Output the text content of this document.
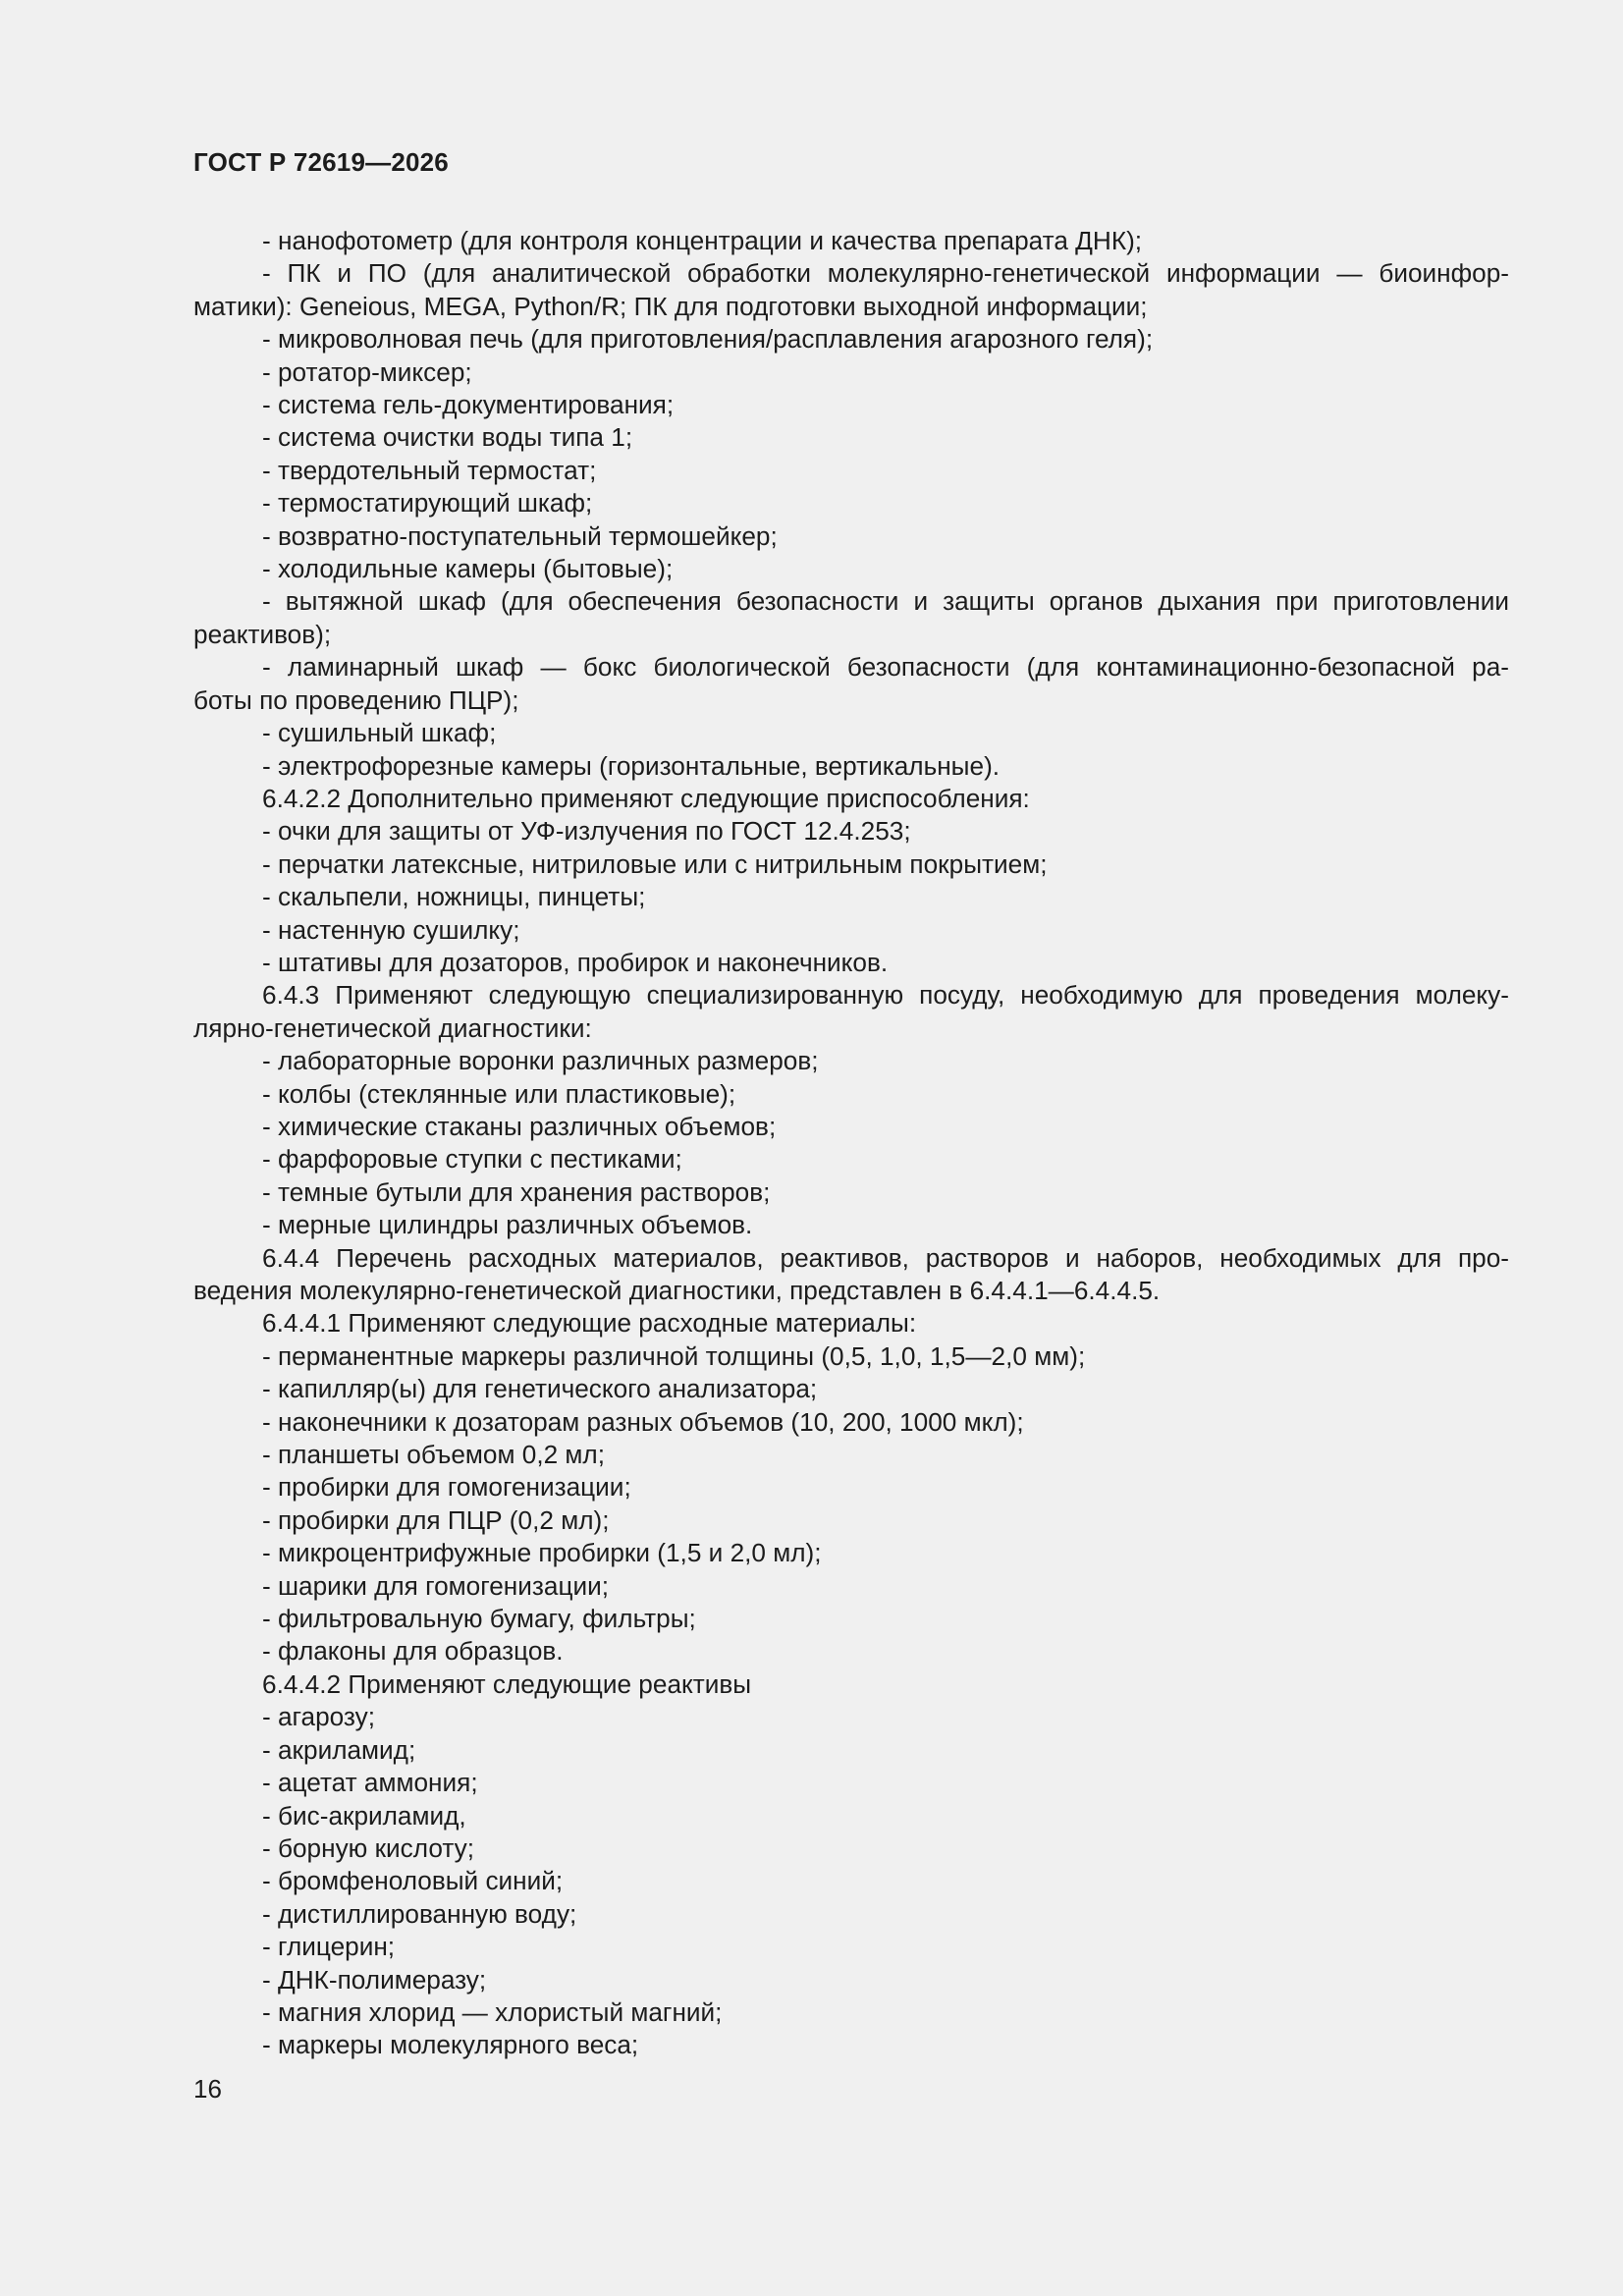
ГОСТ Р 72619—2026

- нанофотометр (для контроля концентрации и качества препарата ДНК);

- ПК и ПО (для аналитической обработки молекулярно-генетической информации — биоинфор-

матики): Geneious, MEGA, Python/R; ПК для подготовки выходной информации;

- микроволновая печь (для приготовления/расплавления агарозного геля);

- ротатор-миксер;

- система гель-документирования;

- система очистки воды типа 1;

- твердотельный термостат;

- термостатирующий шкаф;

- возвратно-поступательный термошейкер;

- холодильные камеры (бытовые);

- вытяжной шкаф (для обеспечения безопасности и защиты органов дыхания при приготовлении

реактивов);

- ламинарный шкаф — бокс биологической безопасности (для контаминационно-безопасной ра-

боты по проведению ПЦР);

- сушильный шкаф;

- электрофорезные камеры (горизонтальные, вертикальные).

6.4.2.2 Дополнительно применяют следующие приспособления:

- очки для защиты от УФ-излучения по ГОСТ 12.4.253;

- перчатки латексные, нитриловые или с нитрильным покрытием;

- скальпели, ножницы, пинцеты;

- настенную сушилку;

- штативы для дозаторов, пробирок и наконечников.

6.4.3 Применяют следующую специализированную посуду, необходимую для проведения молеку-

лярно-генетической диагностики:

- лабораторные воронки различных размеров;

- колбы (стеклянные или пластиковые);

- химические стаканы различных объемов;

- фарфоровые ступки с пестиками;

- темные бутыли для хранения растворов;

- мерные цилиндры различных объемов.

6.4.4 Перечень расходных материалов, реактивов, растворов и наборов, необходимых для про-

ведения молекулярно-генетической диагностики, представлен в 6.4.4.1—6.4.4.5.

6.4.4.1 Применяют следующие расходные материалы:

- перманентные маркеры различной толщины (0,5, 1,0, 1,5—2,0 мм);

- капилляр(ы) для генетического анализатора;

- наконечники к дозаторам разных объемов (10, 200, 1000 мкл);

- планшеты объемом 0,2 мл;

- пробирки для гомогенизации;

- пробирки для ПЦР (0,2 мл);

- микроцентрифужные пробирки (1,5 и 2,0 мл);

- шарики для гомогенизации;

- фильтровальную бумагу, фильтры;

- флаконы для образцов.

6.4.4.2 Применяют следующие реактивы

- агарозу;

- акриламид;

- ацетат аммония;

- бис-акриламид,

- борную кислоту;

- бромфеноловый синий;

- дистиллированную воду;

- глицерин;

- ДНК-полимеразу;

- магния хлорид — хлористый магний;

- маркеры молекулярного веса;

16
